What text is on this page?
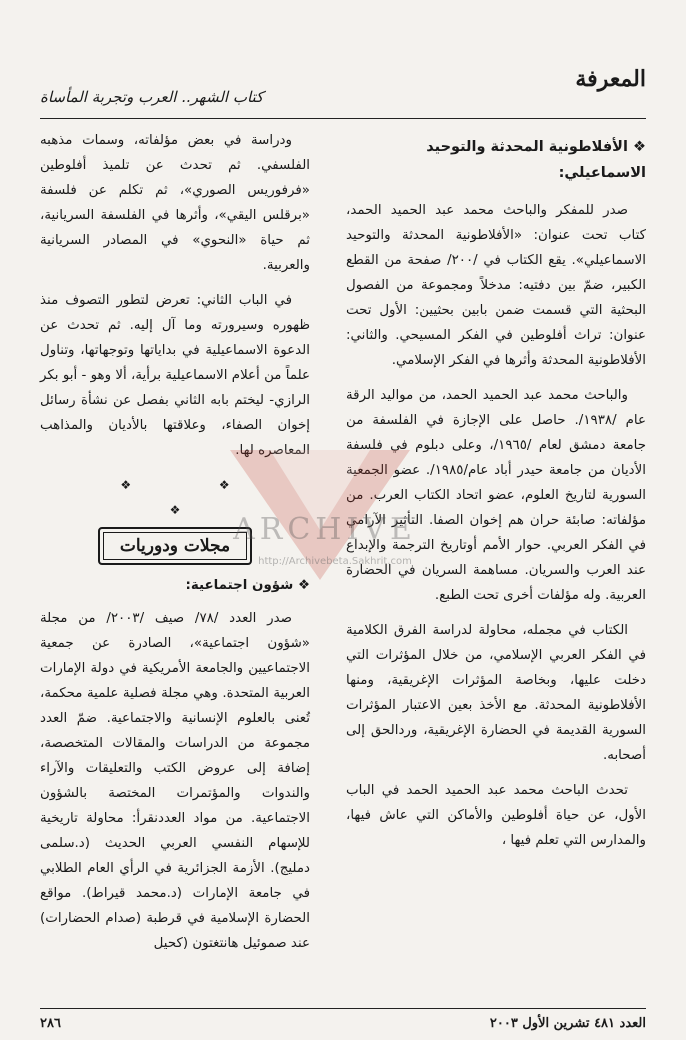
المعرفة
كتاب الشهر.. العرب وتجربة المأساة
❖ الأفلاطونية المحدثة والتوحيد الاسماعيلي:

صدر للمفكر والباحث محمد عبد الحميد الحمد، كتاب تحت عنوان: «الأفلاطونية المحدثة والتوحيد الاسماعيلي». يقع الكتاب في /٢٠٠/ صفحة من القطع الكبير، ضمّ بين دفتيه: مدخلاً ومجموعة من الفصول البحثية التي قسمت ضمن بابين بحثيين: الأول تحت عنوان: تراث أفلوطين في الفكر المسيحي. والثاني: الأفلاطونية المحدثة وأثرها في الفكر الإسلامي.

والباحث محمد عبد الحميد الحمد، من مواليد الرقة عام /١٩٣٨/. حاصل على الإجازة في الفلسفة من جامعة دمشق لعام /١٩٦٥/، وعلى دبلوم في فلسفة الأديان من جامعة حيدر أباد عام/١٩٨٥/. عضو الجمعية السورية لتاريخ العلوم، عضو اتحاد الكتاب العرب. من مؤلفاته: صابئة حران هم إخوان الصفا. التأثير الآرامي في الفكر العربي. حوار الأمم أوتاريخ الترجمة والإبداع عند العرب والسريان. مساهمة السريان في الحضارة العربية. وله مؤلفات أخرى تحت الطبع.

الكتاب في مجمله، محاولة لدراسة الفرق الكلامية في الفكر العربي الإسلامي، من خلال المؤثرات التي دخلت عليها، وبخاصة المؤثرات الإغريقية، ومنها الأفلاطونية المحدثة. مع الأخذ بعين الاعتبار المؤثرات السورية القديمة في الحضارة الإغريقية، وردالحق إلى أصحابه.

تحدث الباحث محمد عبد الحميد الحمد في الباب الأول، عن حياة أفلوطين والأماكن التي عاش فيها، والمدارس التي تعلم فيها ،

ودراسة في بعض مؤلفاته، وسمات مذهبه الفلسفي. ثم تحدث عن تلميذ أفلوطين «فرفوريس الصوري»، ثم تكلم عن فلسفة «برقلس اليقي»، وأثرها في الفلسفة السريانية، ثم حياة «النحوي» في المصادر السريانية والعربية.

في الباب الثاني: تعرض لتطور التصوف منذ ظهوره وسيرورته وما آل إليه. ثم تحدث عن الدعوة الاسماعيلية في بداياتها وتوجهاتها، وتناول علماً من أعلام الاسماعيلية برأية، ألا وهو - أبو بكر الرازي- ليختم بابه الثاني بفصل عن نشأة رسائل إخوان الصفاء، وعلاقتها بالأديان والمذاهب المعاصره لها.

❖ ❖ ❖
مجلات ودوريات
❖ شؤون اجتماعية:

صدر العدد /٧٨/ صيف /٢٠٠٣/ من مجلة «شؤون اجتماعية»، الصادرة عن جمعية الاجتماعيين والجامعة الأمريكية في دولة الإمارات العربية المتحدة. وهي مجلة فصلية علمية محكمة، تُعنى بالعلوم الإنسانية والاجتماعية. ضمّ العدد مجموعة من الدراسات والمقالات المتخصصة، إضافة إلى عروض الكتب والتعليقات والآراء والندوات والمؤتمرات المختصة بالشؤون الاجتماعية. من مواد العددنقرأ: محاولة تاريخية للإسهام النفسي العربي الحديث (د.سلمى دمليج). الأزمة الجزائرية في الرأي العام الطلابي في جامعة الإمارات (د.محمد قيراط). مواقع الحضارة الإسلامية في قرطبة (صدام الحضارات) عند صموئيل هانتغتون (كحيل

ARCHIVE
http://Archivebeta.Sakhrit.com
العدد ٤٨١ تشرين الأول ٢٠٠٣
٢٨٦
